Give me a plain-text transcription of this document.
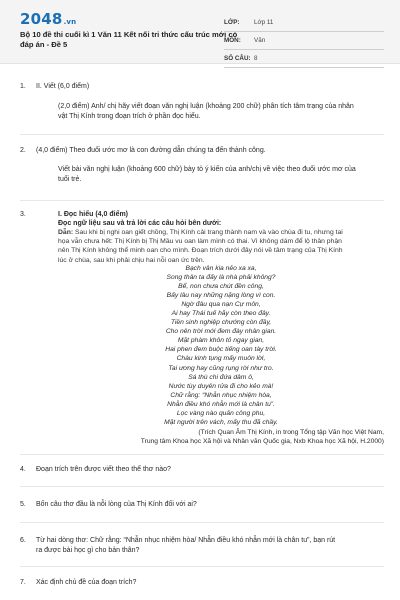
2048.vn
Bộ 10 đề thi cuối kì 1 Văn 11 Kết nối tri thức cấu trúc mới có đáp án - Đề 5
LỚP:	Lớp 11
MÔN:	Văn
SỐ CÂU: 8
1.	II. Viết (6,0 điểm)
(2,0 điểm) Anh/ chị hãy viết đoạn văn nghị luận (khoảng 200 chữ) phân tích tâm trạng của nhân
vật Thị Kính trong đoạn trích ở phần đọc hiểu.
2.	(4,0 điểm) Theo đuổi ước mơ là con đường dẫn chúng ta đến thành công.
Viết bài văn nghị luận (khoảng 600 chữ) bày tỏ ý kiến của anh/chị về việc theo đuổi ước mơ của
tuổi trẻ.
3.	I. Đọc hiểu (4,0 điểm)
Đọc ngữ liệu sau và trả lời các câu hỏi bên dưới:
Dẫn: Sau khi bị nghi oan giết chồng, Thị Kính cải trang thành nam và vào chùa đi tu, nhưng tai
họa vẫn chưa hết: Thị Kính bị Thị Mầu vu oan làm mình có thai. Vì không dám để lộ thân phận
nên Thị Kính không thể minh oan cho mình. Đoạn trích dưới đây nói về tâm trạng của Thị Kính
lúc ở chùa, sau khi phải chịu hai nỗi oan ức trên.
Bạch vân kia nẻo xa xa,
Song thân ta đấy là nhà phải không?
Bể, non chưa chút đền công,
Bấy lâu nay những nặng lòng vì con.
Ngờ đâu qua nạn Cự môn,
Ai hay Thái tuế hãy còn theo đây.
Tiền sinh nghiệp chướng còn đầy,
Cho nên trời mới đem đày nhân gian.
Mặt phàm khôn tỏ ngay gian,
Hai phen đem buộc tiếng oan tày trời.
Chàu kinh tụng mấy muôn lời,
Tai ương hay cũng rụng rời như tro.
Sá thù chi đứa dâm ô,
Nước tùy duyên rửa đi cho kẻo mà!
Chữ rằng: “Nhẫn nhục nhiệm hòa,
Nhẫn điều khó nhẫn mới là chân tu”.
Lọc vàng nào quản công phu,
Mặt người trên vách, mấy thu đã chầy.
(Trích Quan Âm Thị Kính, in trong Tổng tập Văn học Việt Nam,
Trung tâm Khoa học Xã hội và Nhân văn Quốc gia, Nxb Khoa học Xã hội, H.2000)
4.	Đoạn trích trên được viết theo thể thơ nào?
5.	Bốn câu thơ đầu là nỗi lòng của Thị Kính đối với ai?
6.	Từ hai dòng thơ: Chữ rằng: “Nhẫn nhục nhiệm hòa/ Nhẫn điều khó nhẫn mới là chân tu”, bạn rút
ra được bài học gì cho bản thân?
7.	Xác định chủ đề của đoạn trích?
